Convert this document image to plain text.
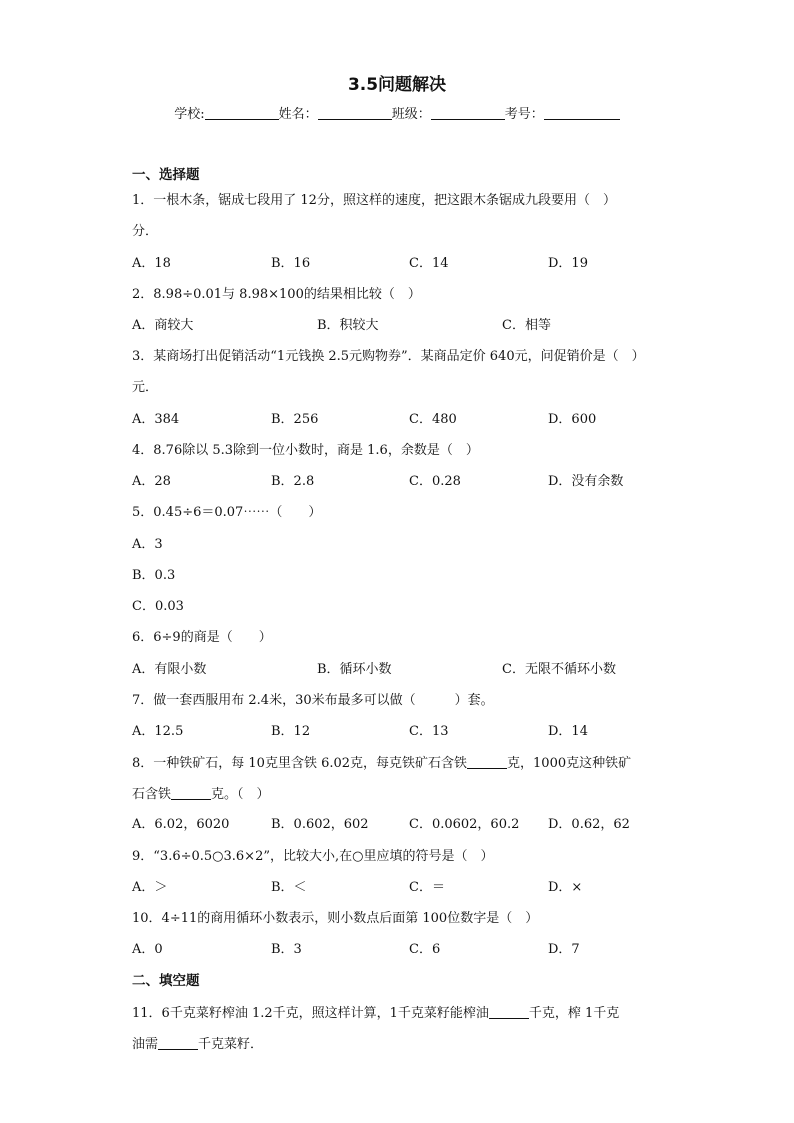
3.5问题解决
学校:	姓名：	班级：	考号：
一、选择题
1．一根木条，锯成七段用了 12分，照这样的速度，把这跟木条锯成九段要用（　）
分．
A．18	B．16	C．14	D．19
2．8.98÷0.01与 8.98×100的结果相比较（　）
A．商较大	B．积较大	C．相等
3．某商场打出促销活动“1元钱换 2.5元购物券”．某商品定价 640元，问促销价是（　）
元．
A．384	B．256	C．480	D．600
4．8.76除以 5.3除到一位小数时，商是 1.6，余数是（　）
A．28	B．2.8	C．0.28	D．没有余数
5．0.45÷6＝0.07⋯⋯（　　）
A．3
B．0.3
C．0.03
6．6÷9的商是（　　）
A．有限小数	B．循环小数	C．无限不循环小数
7．做一套西服用布 2.4米，30米布最多可以做（　　　）套。
A．12.5	B．12	C．13	D．14
8．一种铁矿石，每 10克里含铁 6.02克，每克铁矿石含铁	克，1000克这种铁矿
石含铁	克。（　）
A．6.02，6020	B．0.602，602	C．0.0602，60.2 D．0.62，62
9．“3.6÷0.5○3.6×2”，比较大小,在○里应填的符号是（　）
A．＞	B．＜	C．＝	D．×
10．4÷11的商用循环小数表示，则小数点后面第 100位数字是（　）
A．0	B．3	C．6	D．7
二、填空题
11．6千克菜籽榨油 1.2千克，照这样计算，1千克菜籽能榨油	千克，榨 1千克
油需	千克菜籽．
